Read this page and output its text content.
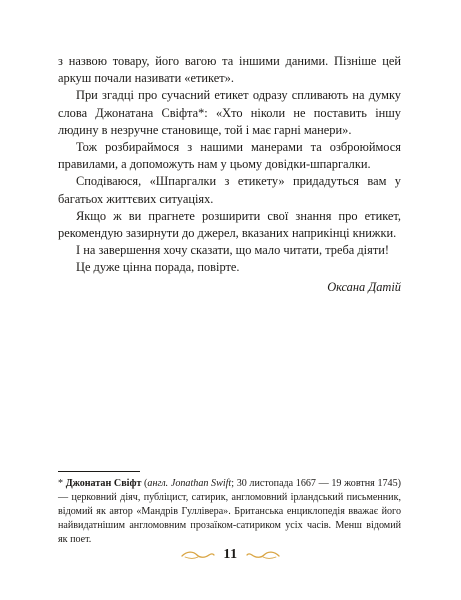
з назвою товару, його вагою та іншими даними. Пізніше цей аркуш почали називати «етикет».

При згадці про сучасний етикет одразу спливають на думку слова Джонатана Свіфта*: «Хто ніколи не поставить іншу людину в незручне становище, той і має гарні манери».

Тож розбираймося з нашими манерами та озброюймося правилами, а допоможуть нам у цьому довідки-шпаргалки.

Сподіваюся, «Шпаргалки з етикету» придадуться вам у багатьох життєвих ситуаціях.

Якщо ж ви прагнете розширити свої знання про етикет, рекомендую зазирнути до джерел, вказаних наприкінці книжки.

І на завершення хочу сказати, що мало читати, треба діяти!

Це дуже цінна порада, повірте.

Оксана Датій

* Джонатан Свіфт (англ. Jonathan Swift; 30 листопада 1667 — 19 жовтня 1745) — церковний діяч, публіцист, сатирик, англомовний ірландський письменник, відомий як автор «Мандрів Гуллівера». Британська енциклопедія вважає його найвидатнішим англомовним прозаїком-сатириком усіх часів. Менш відомий як поет.

11
